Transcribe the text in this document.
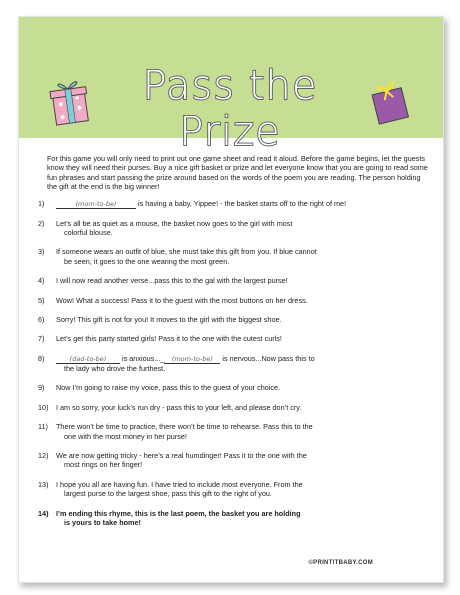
Pass the Prize

For this game you will only need to print out one game sheet and read it aloud. Before the game begins, let the guests know they will need their purses. Buy a nice gift basket or prize and let everyone know that you are going to read some fun phrases and start passing the prize around based on the words of the poem you are reading. The person holding the gift at the end is the big winner!

1)	(mom-to-be)	is having a baby, Yippee! - the basket starts off to the right of me!
2) Let’s all be as quiet as a mouse, the basket now goes to the girl with most
colorful blouse.
3) If someone wears an outfit of blue, she must take this gift from you. If blue cannot
be seen, it goes to the one wearing the most green.
4) I will now read another verse...pass this to the gal with the largest purse!
5) Wow! What a success! Pass it to the guest with the most buttons on her dress.
6) Sorry! This gift is not for you! It moves to the girl with the biggest shoe.
7) Let’s get this party started girls! Pass it to the one with the cutest curls!
8)	(dad-to-be) is anxious..._ (mom-to-be) is nervous...Now pass this to
the lady who drove the furthest.
9) Now I’m going to raise my voice, pass this to the guest of your choice.
10) I am so sorry, your luck’s run dry - pass this to your left, and please don’t cry.
11) There won’t be time to practice, there won’t be time to rehearse. Pass this to the
one with the most money in her purse!
12) We are now getting tricky - here’s a real humdinger! Pass it to the one with the
most rings on her finger!
13) I hope you all are having fun. I have tried to include most everyone. From the
largest purse to the largest shoe, pass this gift to the right of you.
14) I’m ending this rhyme, this is the last poem, the basket you are holding
is yours to take home!
©PRINTITBABY.COM
